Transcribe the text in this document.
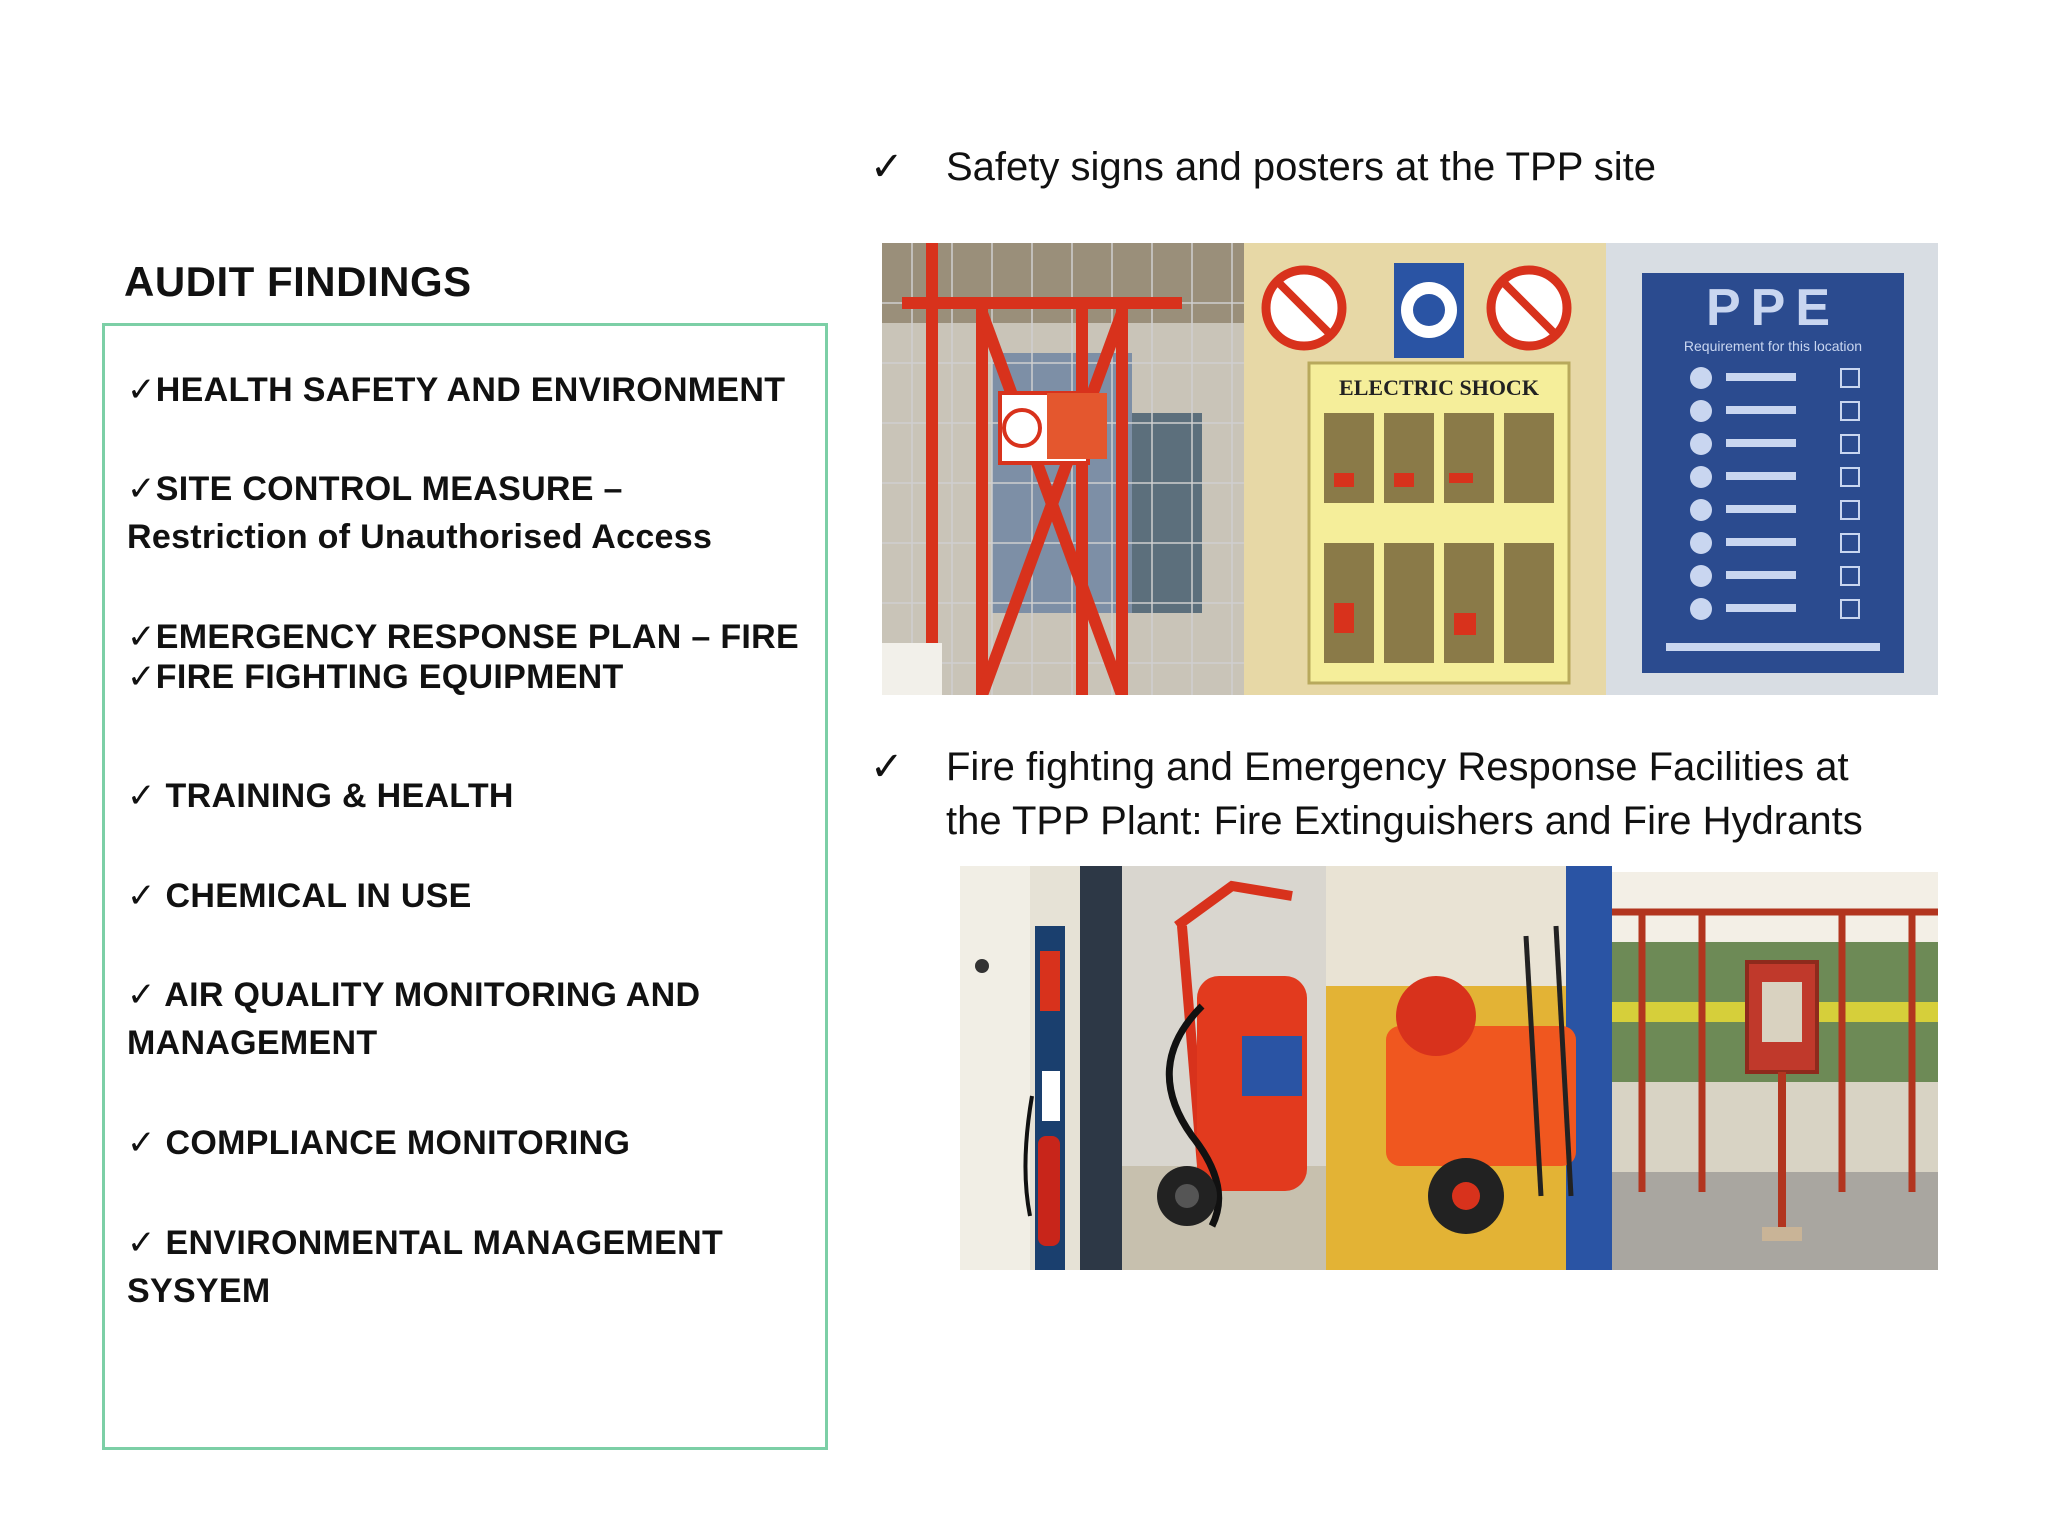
AUDIT FINDINGS
✓HEALTH SAFETY AND ENVIRONMENT
✓SITE CONTROL MEASURE –
Restriction of Unauthorised Access
✓EMERGENCY RESPONSE PLAN – FIRE
✓FIRE FIGHTING EQUIPMENT
✓ TRAINING & HEALTH
✓ CHEMICAL IN USE
✓ AIR QUALITY MONITORING AND
MANAGEMENT
✓ COMPLIANCE MONITORING
✓ ENVIRONMENTAL MANAGEMENT
SYSYEM
✓ Safety signs and posters at the TPP site
ELECTRIC SHOCK
PPE
Requirement for this location
✓ Fire fighting and Emergency Response Facilities at
the TPP Plant: Fire Extinguishers and Fire Hydrants
